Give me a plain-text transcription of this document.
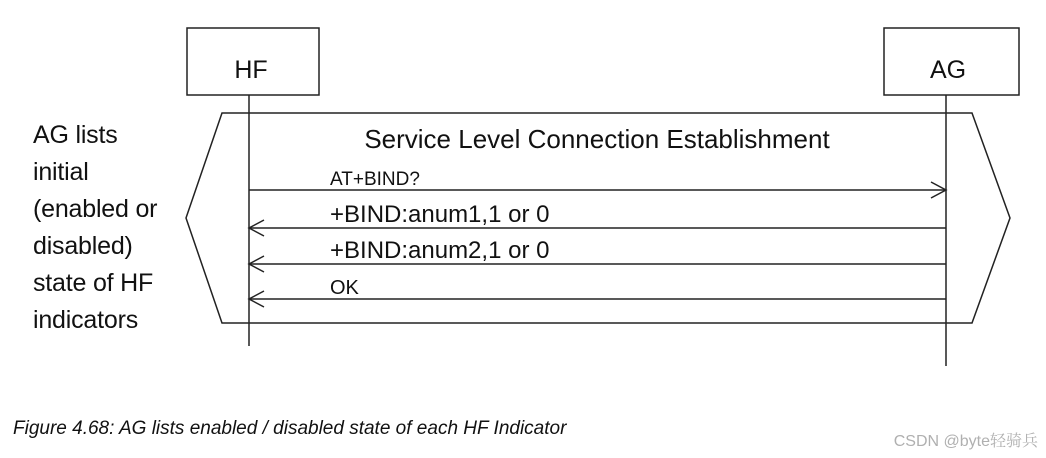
HF	AG
Service Level Connection Establishment
AT+BIND?
+BIND:anum1,1 or 0
+BIND:anum2,1 or 0
OK
AG lists
initial
(enabled or
disabled)
state of HF
indicators
Figure 4.68: AG lists enabled / disabled state of each HF Indicator
CSDN @byte轻骑兵
